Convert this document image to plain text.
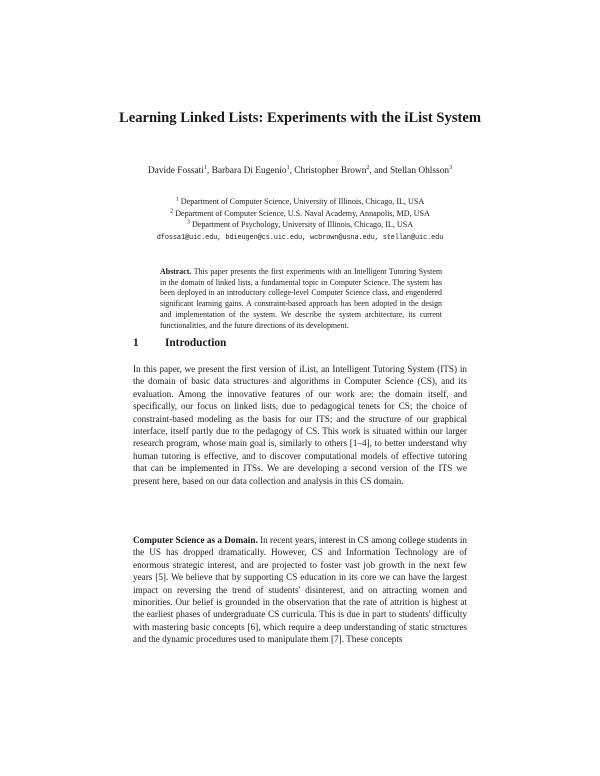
Learning Linked Lists: Experiments with the iList System
Davide Fossati$^1$, Barbara Di Eugenio$^1$, Christopher Brown$^2$, and Stellan Ohlsson$^3$
$^1$ Department of Computer Science, University of Illinois, Chicago, IL, USA
$^2$ Department of Computer Science, U.S. Naval Academy, Annapolis, MD, USA
$^3$ Department of Psychology, University of Illinois, Chicago, IL, USA
dfossa1@uic.edu, bdieugen@cs.uic.edu, wcbrown@usna.edu, stellan@uic.edu
Abstract. This paper presents the first experiments with an Intelligent Tutoring System in the domain of linked lists, a fundamental topic in Computer Science. The system has been deployed in an introductory college-level Computer Science class, and engendered significant learning gains. A constraint-based approach has been adopted in the design and implementation of the system. We describe the system architecture, its current functionalities, and the future directions of its development.
1 Introduction

In this paper, we present the first version of iList, an Intelligent Tutoring System (ITS) in the domain of basic data structures and algorithms in Computer Science (CS), and its evaluation. Among the innovative features of our work are: the domain itself, and specifically, our focus on linked lists, due to pedagogical tenets for CS; the choice of constraint-based modeling as the basis for our ITS; and the structure of our graphical interface, itself partly due to the pedagogy of CS. This work is situated within our larger research program, whose main goal is, similarly to others [1–4], to better understand why human tutoring is effective, and to discover computational models of effective tutoring that can be implemented in ITSs. We are developing a second version of the ITS we present here, based on our data collection and analysis in this CS domain.

Computer Science as a Domain. In recent years, interest in CS among college students in the US has dropped dramatically. However, CS and Information Technology are of enormous strategic interest, and are projected to foster vast job growth in the next few years [5]. We believe that by supporting CS education in its core we can have the largest impact on reversing the trend of students' disinterest, and on attracting women and minorities. Our belief is grounded in the observation that the rate of attrition is highest at the earliest phases of undergraduate CS curricula. This is due in part to students' difficulty with mastering basic concepts [6], which require a deep understanding of static structures and the dynamic procedures used to manipulate them [7]. These concepts
